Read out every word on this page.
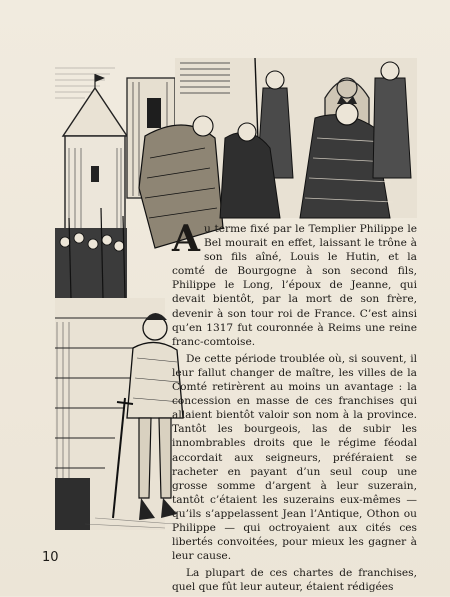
Au terme fixé par le Templier Philippe le Bel mourait en effet, laissant le trône à son fils aîné, Louis le Hutin, et la comté de Bourgogne à son second fils, Philippe le Long, l’époux de Jeanne, qui devait bientôt, par la mort de son frère, devenir à son tour roi de France. C’est ainsi qu’en 1317 fut couronnée à Reims une reine franc-comtoise.

De cette période troublée où, si souvent, il leur fallut changer de maître, les villes de la Comté retirèrent au moins un avantage : la concession en masse de ces franchises qui allaient bientôt valoir son nom à la province. Tantôt les bourgeois, las de subir les innombrables droits que le régime féodal accordait aux seigneurs, préféraient se racheter en payant d’un seul coup une grosse somme d’argent à leur suzerain, tantôt c’étaient les suzerains eux-mêmes — qu’ils s’appelassent Jean l’Antique, Othon ou Philippe — qui octroyaient aux cités ces libertés convoitées, pour mieux les gagner à leur cause.

La plupart de ces chartes de franchises, quel que fût leur auteur, étaient rédigées

10
